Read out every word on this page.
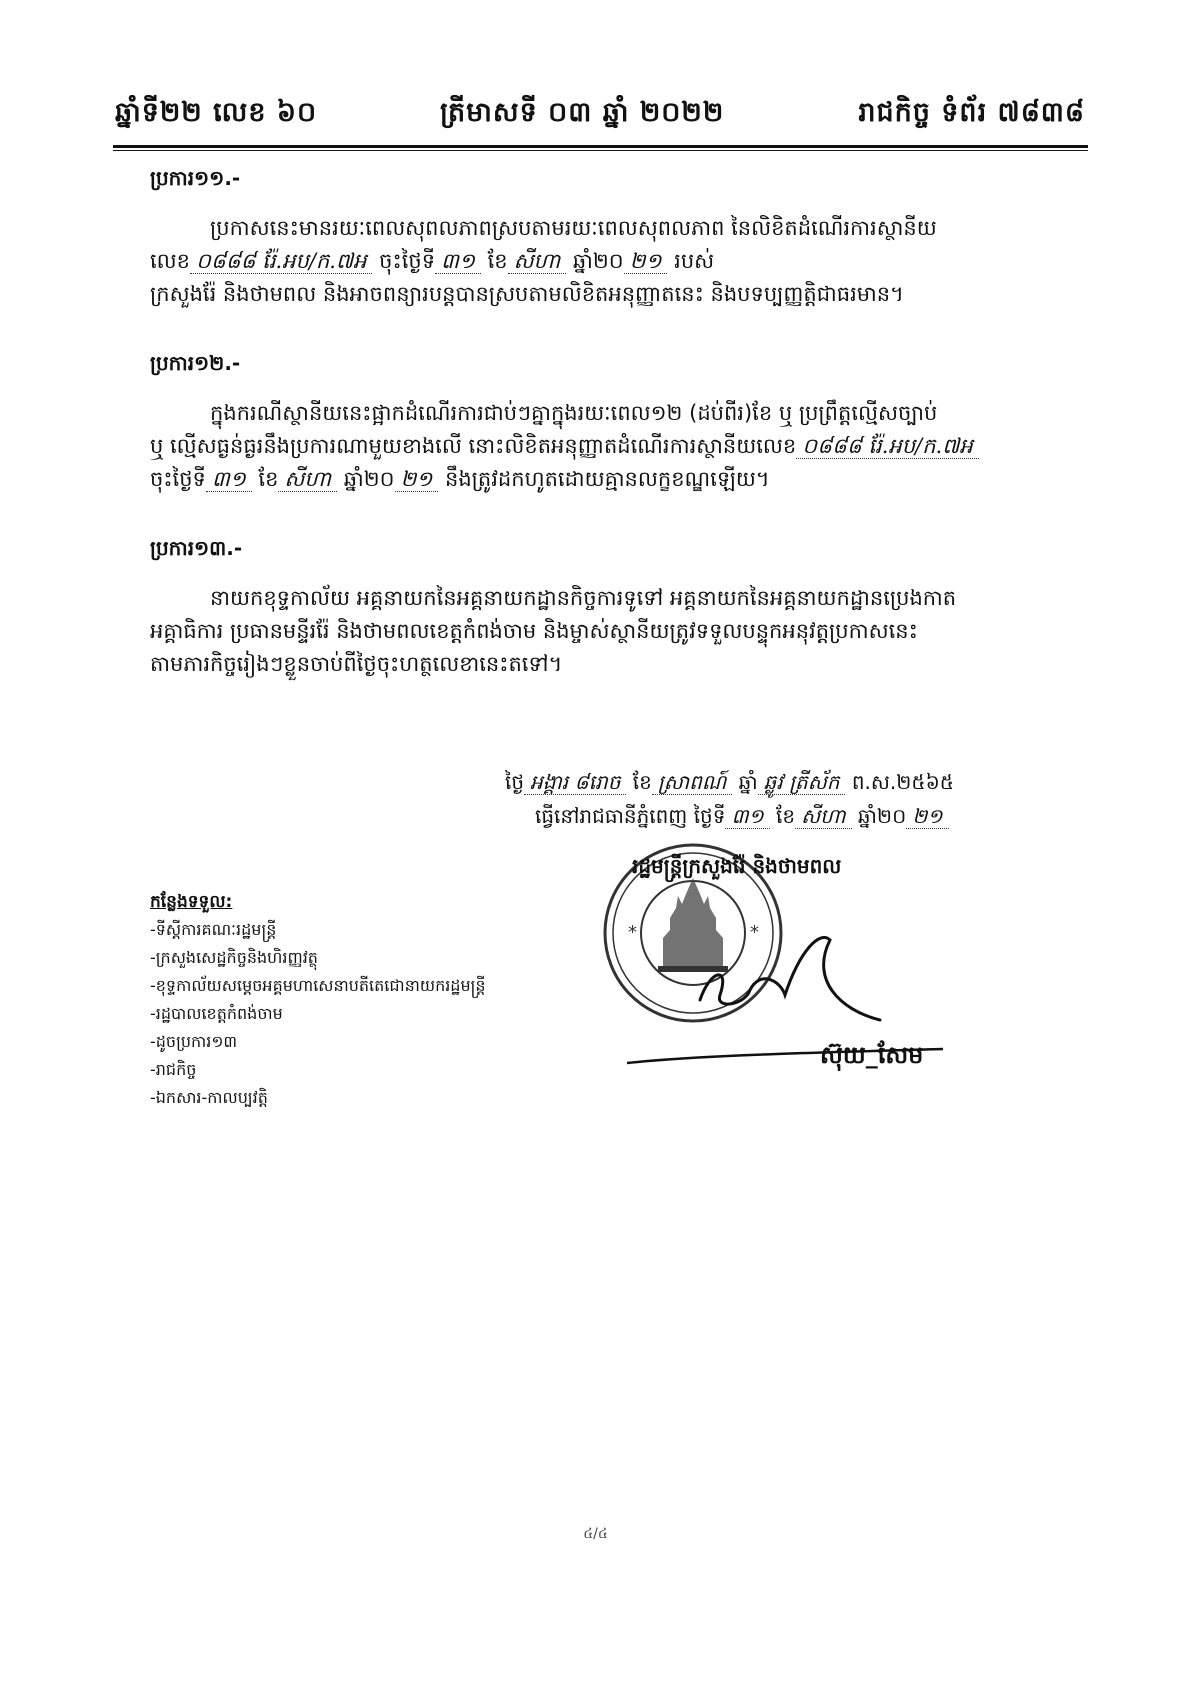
ឆ្នាំទី២២ លេខ ៦០	ត្រីមាសទី ០៣ ឆ្នាំ ២០២២	រាជកិច្ច ទំព័រ ៧៨៣៨
ប្រការ១១.-
ប្រកាសនេះមានរយៈពេលសុពលភាពស្របតាមរយៈពេលសុពលភាព នៃលិខិតដំណើរការស្ថានីយ
លេខ ០៨៨៨ រ៉ែ.អប/ក.៧អ ចុះថ្ងៃទី ៣១ ខែ សីហា ឆ្នាំ២០ ២១ របស់
ក្រសួងរ៉ែ និងថាមពល និងអាចពន្យារបន្តបានស្របតាមលិខិតអនុញ្ញាតនេះ និងបទប្បញ្ញត្តិជាធរមាន។
ប្រការ១២.-
ក្នុងករណីស្ថានីយនេះផ្អាកដំណើរការជាប់ៗគ្នាក្នុងរយៈពេល១២ (ដប់ពីរ)ខែ ឬ ប្រព្រឹត្តល្មើសច្បាប់
ឬ ល្មើសធ្ងន់ធ្ងរនឹងប្រការណាមួយខាងលើ នោះលិខិតអនុញ្ញាតដំណើរការស្ថានីយលេខ ០៨៨៨ រ៉ែ.អប/ក.៧អ
ចុះថ្ងៃទី ៣១ ខែ សីហា ឆ្នាំ២០ ២១ នឹងត្រូវដកហូតដោយគ្មានលក្ខខណ្ឌឡើយ។
ប្រការ១៣.-
នាយកខុទ្ទកាល័យ អគ្គនាយកនៃអគ្គនាយកដ្ឋានកិច្ចការទូទៅ អគ្គនាយកនៃអគ្គនាយកដ្ឋានប្រេងកាត
អគ្គាធិការ ប្រធានមន្ទីររ៉ែ និងថាមពលខេត្តកំពង់ចាម និងម្ចាស់ស្ថានីយត្រូវទទួលបន្ទុកអនុវត្តប្រកាសនេះ
តាមភារកិច្ចរៀងៗខ្លួនចាប់ពីថ្ងៃចុះហត្ថលេខានេះតទៅ។
ថ្ងៃ អង្គារ ៨រោច ខែ ស្រាពណ៍ ឆ្នាំ ឆ្លូវ ត្រីស័ក ព.ស.២៥៦៥
ធ្វើនៅរាជធានីភ្នំពេញ ថ្ងៃទី ៣១ ខែ សីហា ឆ្នាំ២០ ២១
*	*
រដ្ឋមន្ត្រីក្រសួងរ៉ែ និងថាមពល
ស៊ុយ_សែម
កន្លែងទទួល:
-ទីស្តីការគណៈរដ្ឋមន្ត្រី
-ក្រសួងសេដ្ឋកិច្ចនិងហិរញ្ញវត្ថុ
-ខុទ្ទកាល័យសម្តេចអគ្គមហាសេនាបតីតេជោនាយករដ្ឋមន្ត្រី
-រដ្ឋបាលខេត្តកំពង់ចាម
-ដូចប្រការ១៣
-រាជកិច្ច
-ឯកសារ-កាលប្បវត្តិ
៤/៤
